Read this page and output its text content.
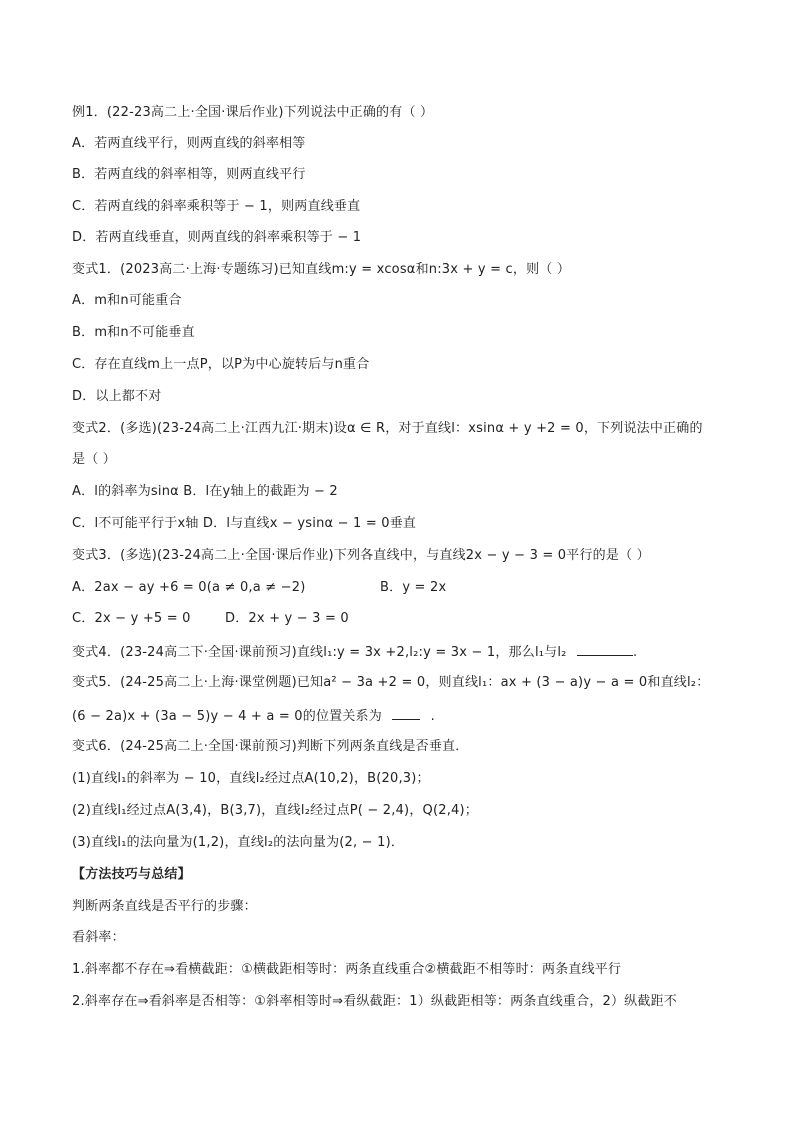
例1．(22-23高二上·全国·课后作业)下列说法中正确的有（ ）
A．若两直线平行，则两直线的斜率相等
B．若两直线的斜率相等，则两直线平行
C．若两直线的斜率乘积等于 − 1，则两直线垂直
D．若两直线垂直，则两直线的斜率乘积等于 − 1
变式1．(2023高二·上海·专题练习)已知直线m:y = xcosα和n:3x + y = c，则（ ）
A．m和n可能重合
B．m和n不可能垂直
C．存在直线m上一点P，以P为中心旋转后与n重合
D．以上都不对
变式2．(多选)(23-24高二上·江西九江·期末)设α ∈ R，对于直线l：xsinα + y +2 = 0，下列说法中正确的
是（ ）
A．l的斜率为sinα B．l在y轴上的截距为 − 2
C．l不可能平行于x轴 D．l与直线x − ysinα − 1 = 0垂直
变式3．(多选)(23-24高二上·全国·课后作业)下列各直线中，与直线2x − y − 3 = 0平行的是（ ）
A．2ax − ay +6 = 0(a ≠ 0,a ≠ −2)	B．y = 2x
C．2x − y +5 = 0	D．2x + y − 3 = 0
变式4．(23-24高二下·全国·课前预习)直线l₁:y = 3x +2,l₂:y = 3x − 1，那么l₁与l₂	.
变式5．(24-25高二上·上海·课堂例题)已知a² − 3a +2 = 0，则直线l₁：ax + (3 − a)y − a = 0和直线l₂：
(6 − 2a)x + (3a − 5)y − 4 + a = 0的位置关系为	.
变式6．(24-25高二上·全国·课前预习)判断下列两条直线是否垂直．
(1)直线l₁的斜率为 − 10，直线l₂经过点A(10,2)，B(20,3)；
(2)直线l₁经过点A(3,4)，B(3,7)，直线l₂经过点P( − 2,4)，Q(2,4)；
(3)直线l₁的法向量为(1,2)，直线l₂的法向量为(2, − 1)．
【方法技巧与总结】
判断两条直线是否平行的步骤：
看斜率：
1.斜率都不存在⇒看横截距：①横截距相等时：两条直线重合②横截距不相等时：两条直线平行
2.斜率存在⇒看斜率是否相等：①斜率相等时⇒看纵截距：1）纵截距相等：两条直线重合，2）纵截距不
